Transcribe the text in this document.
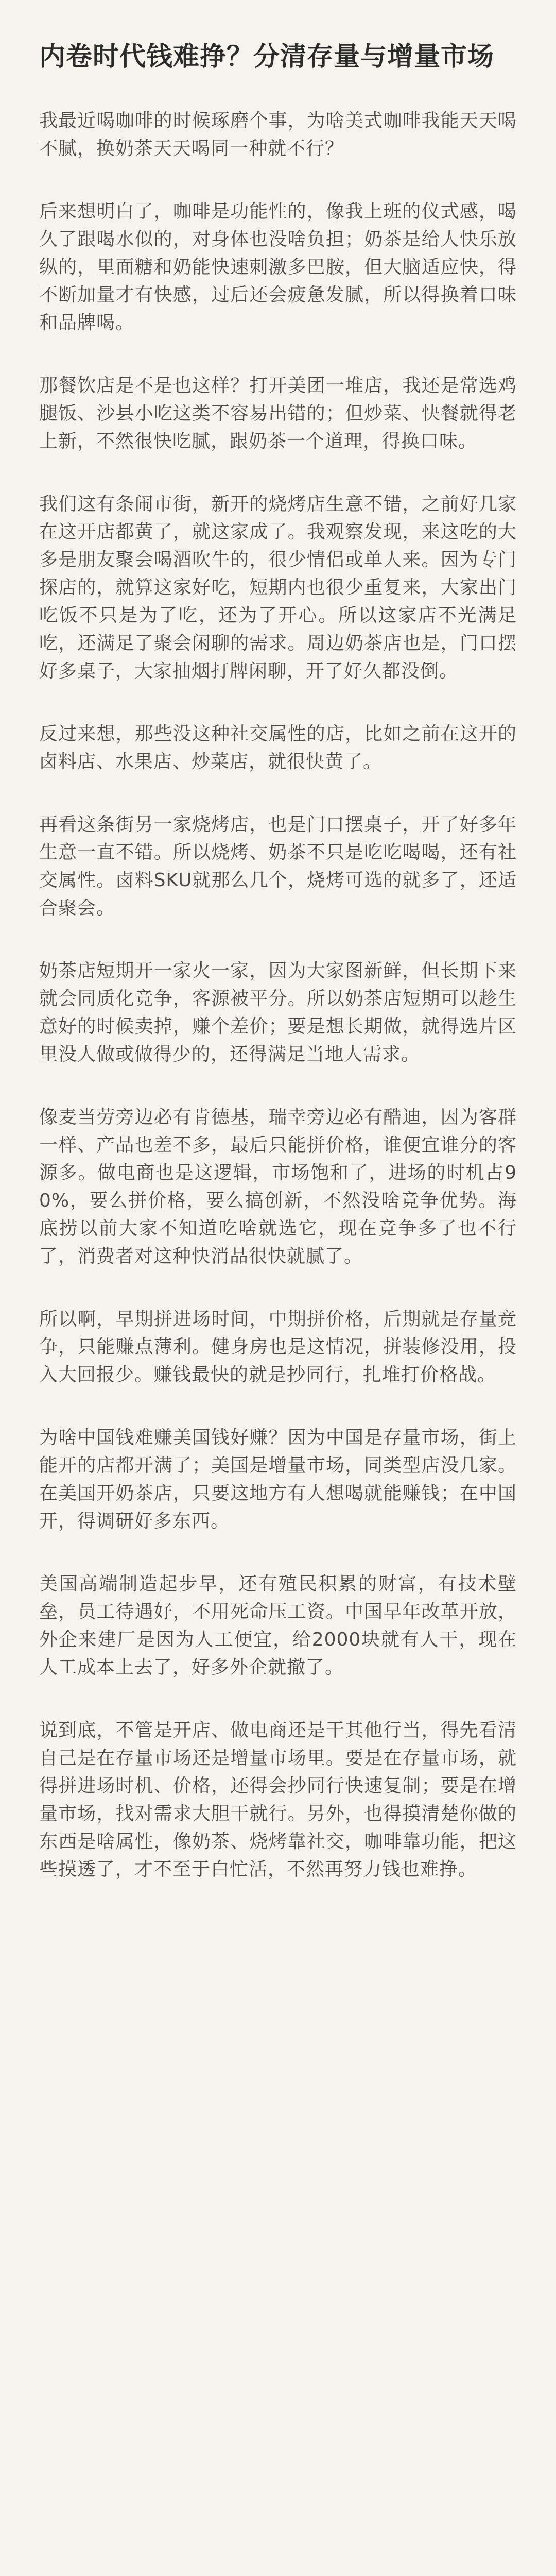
内卷时代钱难挣？分清存量与增量市场
我最近喝咖啡的时候琢磨个事，为啥美式咖啡我能天天喝不腻，换奶茶天天喝同一种就不行？
后来想明白了，咖啡是功能性的，像我上班的仪式感，喝久了跟喝水似的，对身体也没啥负担；奶茶是给人快乐放纵的，里面糖和奶能快速刺激多巴胺，但大脑适应快，得不断加量才有快感，过后还会疲惫发腻，所以得换着口味和品牌喝。
那餐饮店是不是也这样？打开美团一堆店，我还是常选鸡腿饭、沙县小吃这类不容易出错的；但炒菜、快餐就得老上新，不然很快吃腻，跟奶茶一个道理，得换口味。
我们这有条闹市街，新开的烧烤店生意不错，之前好几家在这开店都黄了，就这家成了。我观察发现，来这吃的大多是朋友聚会喝酒吹牛的，很少情侣或单人来。因为专门探店的，就算这家好吃，短期内也很少重复来，大家出门吃饭不只是为了吃，还为了开心。所以这家店不光满足吃，还满足了聚会闲聊的需求。周边奶茶店也是，门口摆好多桌子，大家抽烟打牌闲聊，开了好久都没倒。
反过来想，那些没这种社交属性的店，比如之前在这开的卤料店、水果店、炒菜店，就很快黄了。
再看这条街另一家烧烤店，也是门口摆桌子，开了好多年生意一直不错。所以烧烤、奶茶不只是吃吃喝喝，还有社交属性。卤料SKU就那么几个，烧烤可选的就多了，还适合聚会。
奶茶店短期开一家火一家，因为大家图新鲜，但长期下来就会同质化竞争，客源被平分。所以奶茶店短期可以趁生意好的时候卖掉，赚个差价；要是想长期做，就得选片区里没人做或做得少的，还得满足当地人需求。
像麦当劳旁边必有肯德基，瑞幸旁边必有酷迪，因为客群一样、产品也差不多，最后只能拼价格，谁便宜谁分的客源多。做电商也是这逻辑，市场饱和了，进场的时机占90%，要么拼价格，要么搞创新，不然没啥竞争优势。海底捞以前大家不知道吃啥就选它，现在竞争多了也不行了，消费者对这种快消品很快就腻了。
所以啊，早期拼进场时间，中期拼价格，后期就是存量竞争，只能赚点薄利。健身房也是这情况，拼装修没用，投入大回报少。赚钱最快的就是抄同行，扎堆打价格战。
为啥中国钱难赚美国钱好赚？因为中国是存量市场，街上能开的店都开满了；美国是增量市场，同类型店没几家。在美国开奶茶店，只要这地方有人想喝就能赚钱；在中国开，得调研好多东西。
美国高端制造起步早，还有殖民积累的财富，有技术壁垒，员工待遇好，不用死命压工资。中国早年改革开放，外企来建厂是因为人工便宜，给2000块就有人干，现在人工成本上去了，好多外企就撤了。
说到底，不管是开店、做电商还是干其他行当，得先看清自己是在存量市场还是增量市场里。要是在存量市场，就得拼进场时机、价格，还得会抄同行快速复制；要是在增量市场，找对需求大胆干就行。另外，也得摸清楚你做的东西是啥属性，像奶茶、烧烤靠社交，咖啡靠功能，把这些摸透了，才不至于白忙活，不然再努力钱也难挣。
